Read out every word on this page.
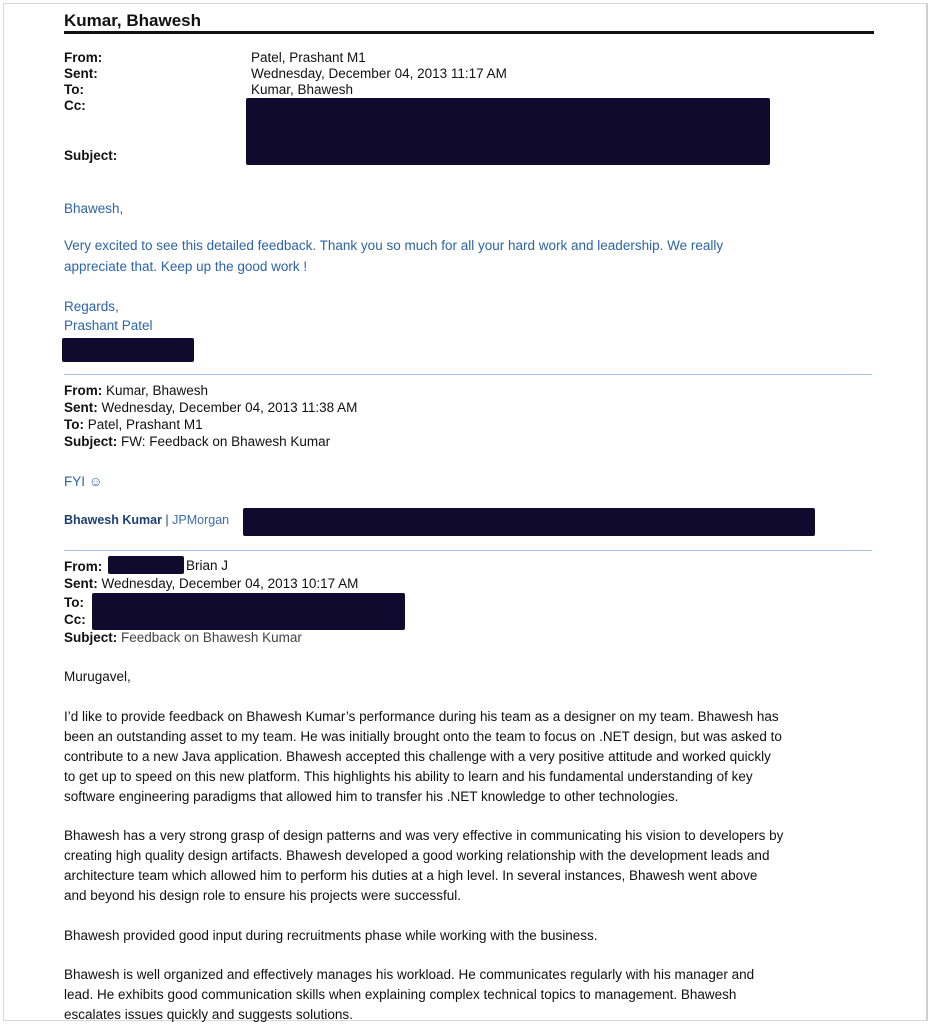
Kumar, Bhawesh
From:	Patel, Prashant M1
Sent:	Wednesday, December 04, 2013 11:17 AM
To:	Kumar, Bhawesh
Cc:
Subject:
Bhawesh,
Very excited to see this detailed feedback. Thank you so much for all your hard work and leadership. We really
appreciate that. Keep up the good work !
Regards,
Prashant Patel
From: Kumar, Bhawesh
Sent: Wednesday, December 04, 2013 11:38 AM
To: Patel, Prashant M1
Subject: FW: Feedback on Bhawesh Kumar
FYI ☺
Bhawesh Kumar | JPMorgan
From:	Brian J
Sent: Wednesday, December 04, 2013 10:17 AM
To:
Cc:
Subject: Feedback on Bhawesh Kumar
Murugavel,
I’d like to provide feedback on Bhawesh Kumar’s performance during his team as a designer on my team. Bhawesh has
been an outstanding asset to my team. He was initially brought onto the team to focus on .NET design, but was asked to
contribute to a new Java application. Bhawesh accepted this challenge with a very positive attitude and worked quickly
to get up to speed on this new platform. This highlights his ability to learn and his fundamental understanding of key
software engineering paradigms that allowed him to transfer his .NET knowledge to other technologies.
Bhawesh has a very strong grasp of design patterns and was very effective in communicating his vision to developers by
creating high quality design artifacts. Bhawesh developed a good working relationship with the development leads and
architecture team which allowed him to perform his duties at a high level. In several instances, Bhawesh went above
and beyond his design role to ensure his projects were successful.
Bhawesh provided good input during recruitments phase while working with the business.
Bhawesh is well organized and effectively manages his workload. He communicates regularly with his manager and
lead. He exhibits good communication skills when explaining complex technical topics to management. Bhawesh
escalates issues quickly and suggests solutions.
